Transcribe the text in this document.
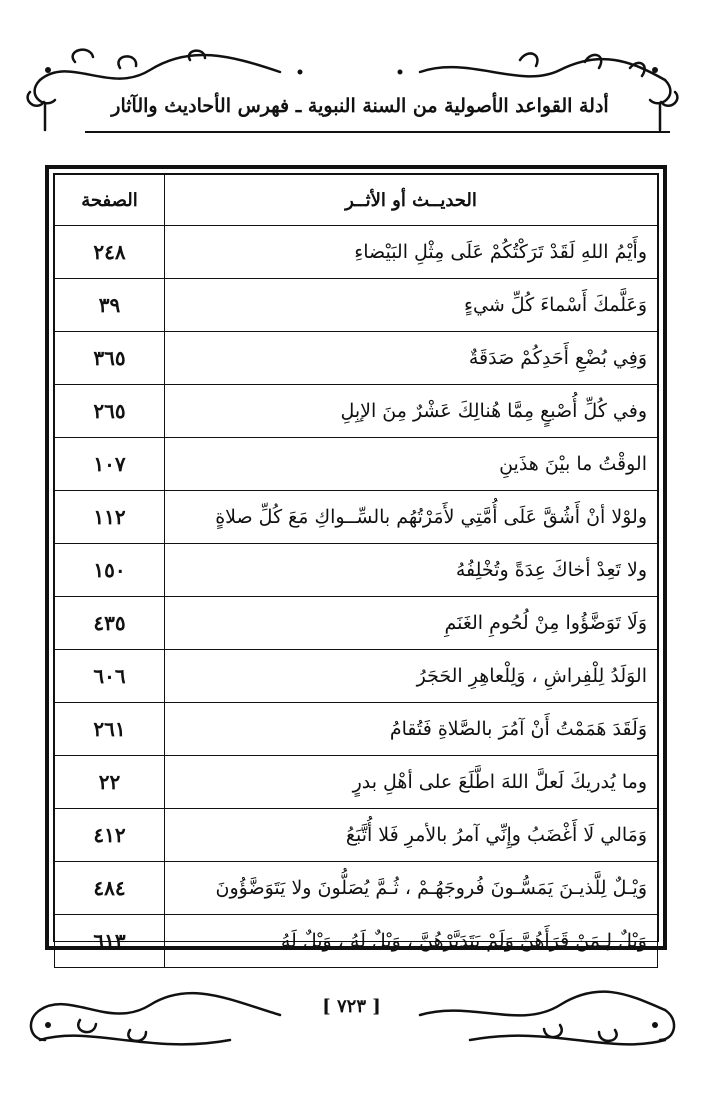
أدلة القواعد الأصولية من السنة النبوية ـ فهرس الأحاديث والآثار
الحديــث أو الأثــر	الصفحة
وأَيْمُ اللهِ لَقَدْ تَرَكْتُكُمْ عَلَى مِثْلِ البَيْضاءِ	٢٤٨
وَعَلَّمكَ أَسْماءَ كُلِّ شيءٍ	٣٩
وَفِي بُضْعِ أَحَدِكُمْ صَدَقَةٌ	٣٦٥
وفي كُلِّ أُصْبعٍ مِمَّا هُنالِكَ عَشْرٌ مِنَ الإبِلِ	٢٦٥
الوقْتُ ما بيْنَ هذَينِ	١٠٧
ولوْلا أنْ أَشُقَّ عَلَى أُمَّتِي لأَمَرْتُهُم بالسِّــواكِ مَعَ كُلِّ صلاةٍ	١١٢
ولا تَعِدْ أخاكَ عِدَةً وتُخْلِفُهُ	١٥٠
وَلَا تَوَضَّؤُوا مِنْ لُحُومِ الغَنَمِ	٤٣٥
الوَلَدُ لِلْفِراشِ ، وَلِلْعاهِرِ الحَجَرُ	٦٠٦
وَلَقَدَ هَمَمْتُ أَنْ آمُرَ بالصَّلاةِ فَتُقامُ	٢٦١
وما يُدريكَ لَعلَّ اللهَ اطَّلَعَ على أهْلِ بدرٍ	٢٢
وَمَالي لَا أَغْضَبُ وإِنِّي آمرُ بالأمرِ فَلا أُتَّبَعُ	٤١٢
وَيْـلٌ لِلَّذيـنَ يَمَسُّـونَ فُروجَهُـمْ ، ثُـمَّ يُصَلُّونَ ولا يَتَوَضَّؤُونَ	٤٨٤
وَيْلٌ لِـمَنْ قَرَأَهُنَّ وَلَمْ يَتَدَبَّرْهُنَّ ، وَيْلٌ لَهُ ، وَيْلٌ لَهُ	٦١٣
[ ٧٢٣ ]
